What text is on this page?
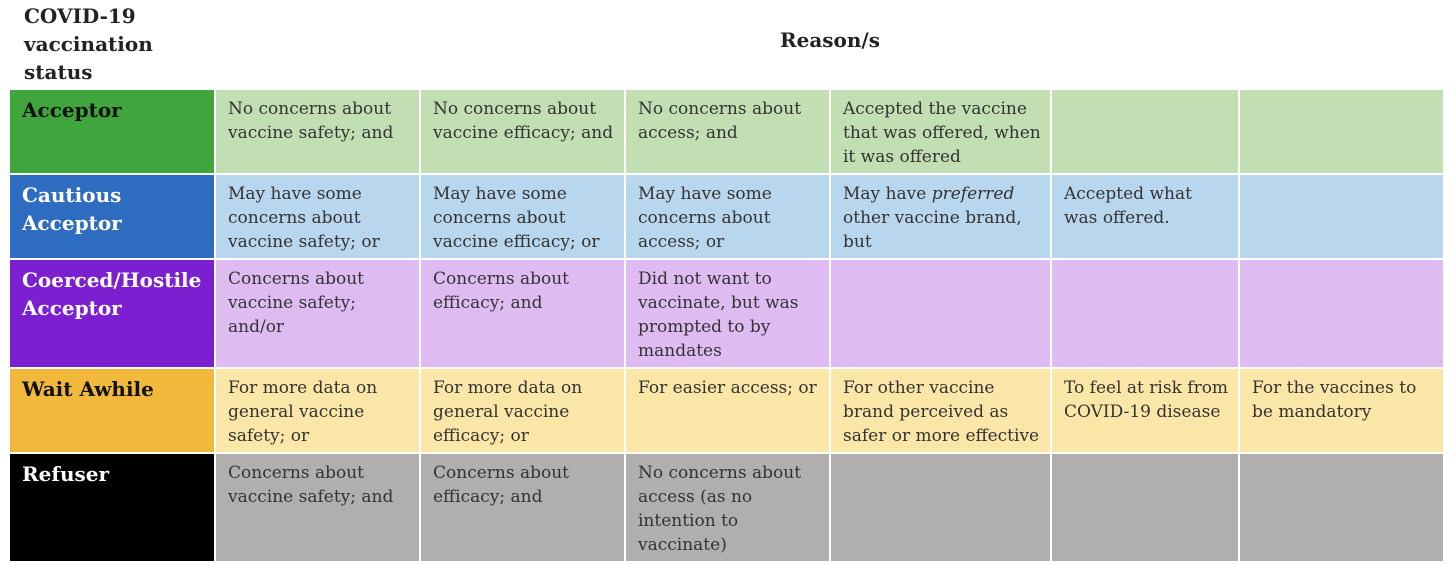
COVID-19 vaccination status
Reason/s
Acceptor	No concerns about vaccine safety; and	No concerns about vaccine efficacy; and	No concerns about access; and	Accepted the vaccine that was offered, when it was offered		
Cautious Acceptor	May have some concerns about vaccine safety; or	May have some concerns about vaccine efficacy; or	May have some concerns about access; or	May have preferred other vaccine brand, but	Accepted what was offered.	
Coerced/Hostile Acceptor	Concerns about vaccine safety; and/or	Concerns about efficacy; and	Did not want to vaccinate, but was prompted to by mandates			
Wait Awhile	For more data on general vaccine safety; or	For more data on general vaccine efficacy; or	For easier access; or	For other vaccine brand perceived as safer or more effective	To feel at risk from COVID-19 disease	For the vaccines to be mandatory
Refuser	Concerns about vaccine safety; and	Concerns about efficacy; and	No concerns about access (as no intention to vaccinate)			
